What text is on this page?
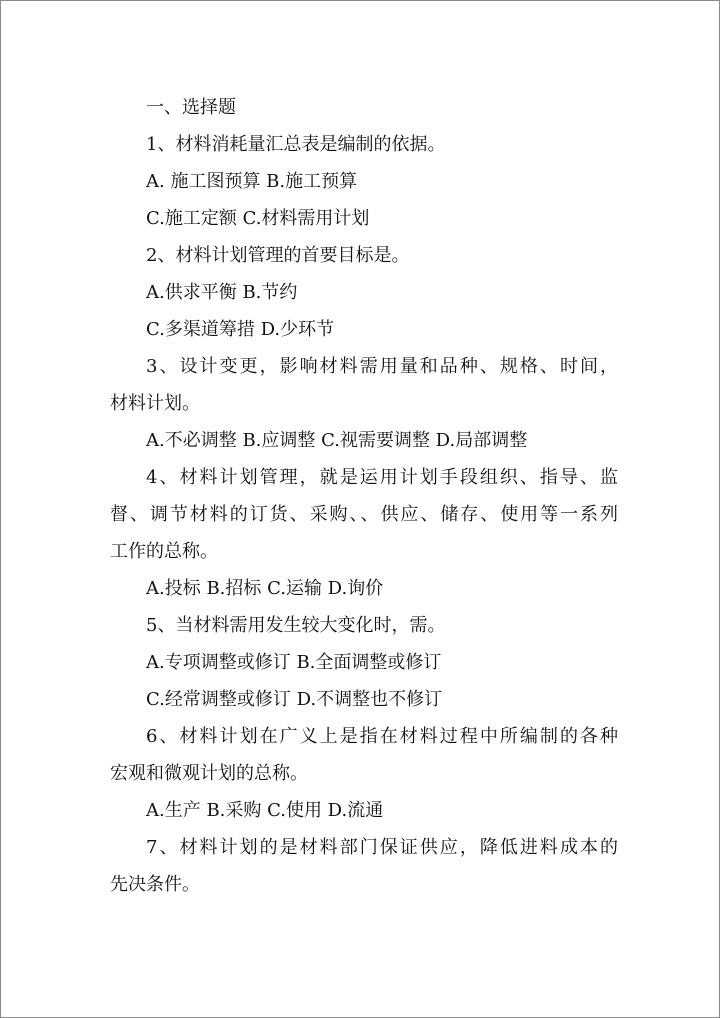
一、选择题
1、材料消耗量汇总表是编制的依据。
A. 施工图预算 B.施工预算
C.施工定额 C.材料需用计划
2、材料计划管理的首要目标是。
A.供求平衡 B.节约
C.多渠道筹措 D.少环节
3、设计变更，影响材料需用量和品种、规格、时间，
材料计划。
A.不必调整 B.应调整 C.视需要调整 D.局部调整
4、材料计划管理，就是运用计划手段组织、指导、监
督、调节材料的订货、采购、、供应、储存、使用等一系列
工作的总称。
A.投标 B.招标 C.运输 D.询价
5、当材料需用发生较大变化时，需。
A.专项调整或修订 B.全面调整或修订
C.经常调整或修订 D.不调整也不修订
6、材料计划在广义上是指在材料过程中所编制的各种
宏观和微观计划的总称。
A.生产 B.采购 C.使用 D.流通
7、材料计划的是材料部门保证供应，降低进料成本的
先决条件。
